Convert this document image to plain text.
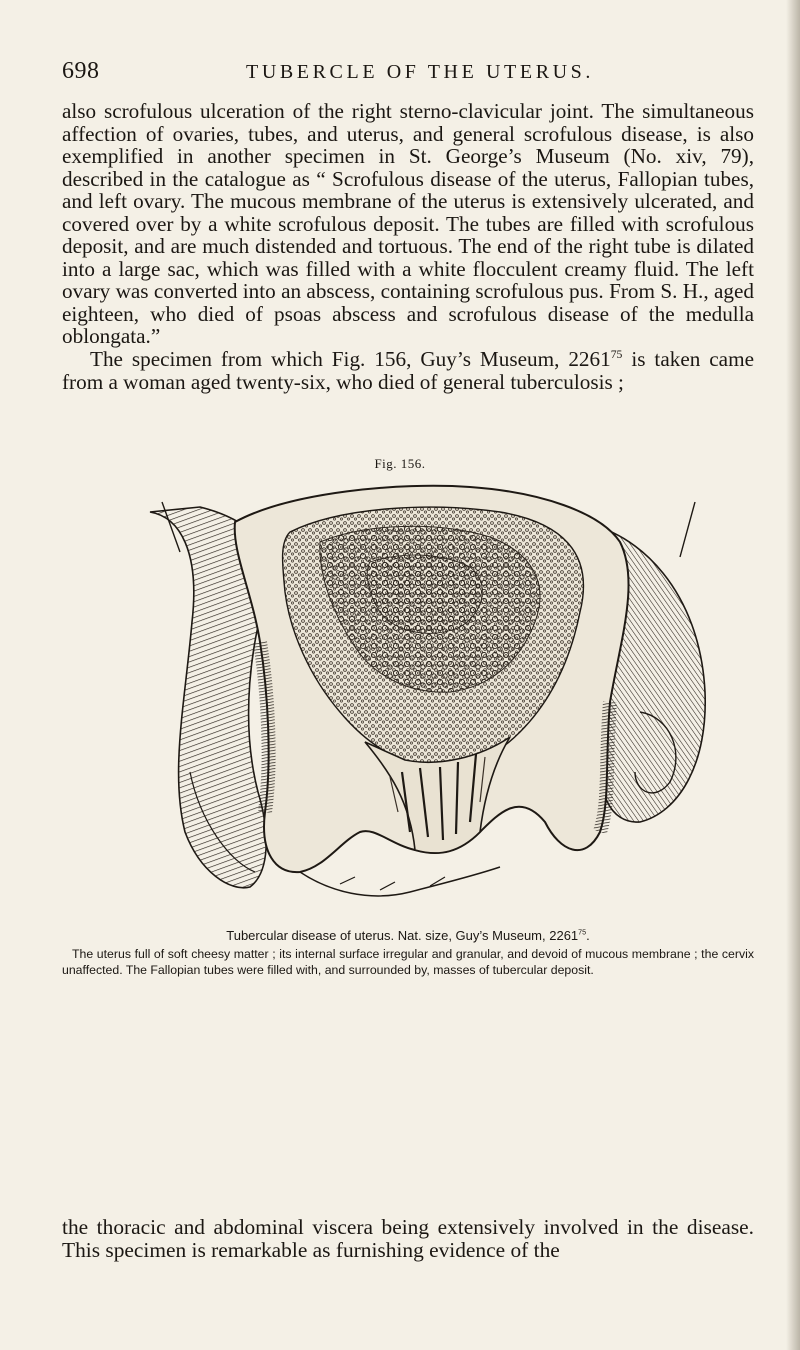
698	TUBERCLE OF THE UTERUS.

also scrofulous ulceration of the right sterno-clavicular joint. The simultaneous affection of ovaries, tubes, and uterus, and general scrofulous disease, is also exemplified in another specimen in St. George’s Museum (No. xiv, 79), described in the catalogue as “ Scrofulous disease of the uterus, Fallopian tubes, and left ovary. The mucous membrane of the uterus is extensively ulcerated, and covered over by a white scrofulous deposit. The tubes are filled with scrofulous deposit, and are much distended and tortuous. The end of the right tube is dilated into a large sac, which was filled with a white flocculent creamy fluid. The left ovary was converted into an abscess, containing scrofulous pus. From S. H., aged eighteen, who died of psoas abscess and scrofulous disease of the medulla oblongata.”

The specimen from which Fig. 156, Guy’s Museum, 2261$^{75}$ is taken came from a woman aged twenty-six, who died of general tuberculosis ;

Fig. 156.
Tubercular disease of uterus. Nat. size, Guy’s Museum, 2261$^{75}$.
The uterus full of soft cheesy matter ; its internal surface irregular and granular, and devoid of mucous membrane ; the cervix unaffected. The Fallopian tubes were filled with, and surrounded by, masses of tubercular deposit.

the thoracic and abdominal viscera being extensively involved in the disease. This specimen is remarkable as furnishing evidence of the
